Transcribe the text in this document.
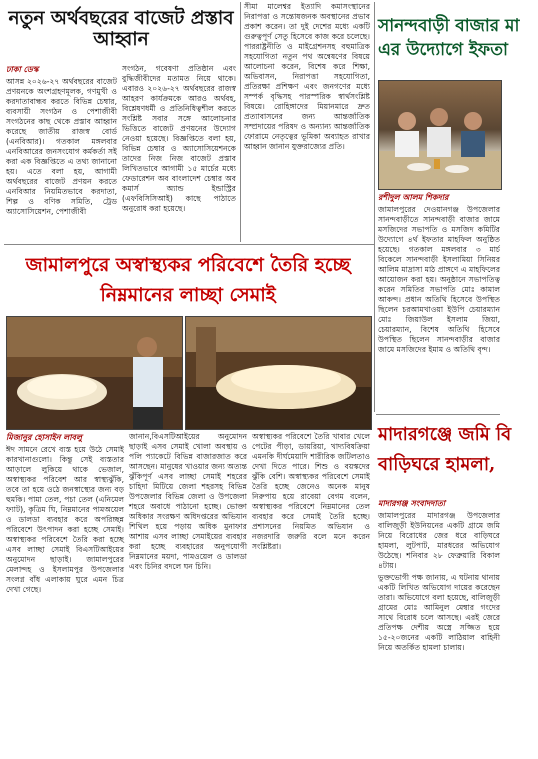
নতুন অর্থবছরের বাজেট প্রস্তাব আহ্বান

ঢাকা ডেস্ক

আসন্ন ২০২৬-২৭ অর্থবছরের বাজেট প্রণয়নকে অংশগ্রহণমূলক, গণমুখী ও করদাতাবান্ধব করতে বিভিন্ন চেম্বার, ব্যবসায়ী সংগঠন ও পেশাজীবী সংগঠনের কাছ থেকে প্রস্তাব আহ্বান করেছে জাতীয় রাজস্ব বোর্ড (এনবিআর)। গতকাল মঙ্গলবার এনবিআরের জনসংযোগ কর্মকর্তা সই করা এক বিজ্ঞপ্তিতে এ তথ্য জানানো হয়। এতে বলা হয়, আগামী অর্থবছরের বাজেট প্রণয়ন করতে এনবিআর নিয়মিতভাবে করদাতা, শিল্প ও বণিক সমিতি, ট্রেড অ্যাসোসিয়েশন, পেশাজীবী

সংগঠন, গবেষণা প্রতিষ্ঠান এবং বুদ্ধিজীবীদের মতামত নিয়ে থাকে। এবারও ২০২৬-২৭ অর্থবছরের রাজস্ব আহরণ কার্যক্রমকে আরও অর্থবহ, বিশ্লেষণধর্মী ও প্রতিনিধিত্বশীল করতে সংশ্লিষ্ট সবার সঙ্গে আলোচনার ভিত্তিতে বাজেট প্রণয়নের উদ্যোগ নেওয়া হয়েছে। বিজ্ঞপ্তিতে বলা হয়, বিভিন্ন চেম্বার ও অ্যাসোসিয়েশনকে তাদের নিজ নিজ বাজেট প্রস্তাব লিখিতভাবে আগামী ১৫ মার্চের মধ্যে ফেডারেশন অব বাংলাদেশ চেম্বার অব কমার্স অ্যান্ড ইন্ডাস্ট্রির (এফবিসিসিআই) কাছে পাঠাতে অনুরোধ করা হয়েছে।

সীমা মালেশ্বর ইত্যাদি কমাসংস্থানের নিরাপত্তা ও সন্তোষজনক অবস্থানের প্রভাব প্রকাশ করেন। তা দুই দেশের মধ্যে একটি গুরুত্বপূর্ণ সেতু হিসেবে কাজ করে চলেছে। পাররাষ্ট্রনীতি ও মাইগ্রেশনসহ বহুমাত্রিক সহযোগিতা নতুন পথ অন্বেষণের বিষয়ে আলোচনা করেন, বিশেষ করে শিক্ষা, অভিবাসন, নিরাপত্তা সহযোগিতা, প্রতিরক্ষা প্রশিক্ষণ এবং জনগণের মধ্যে সম্পর্ক বৃদ্ধিসহ পারস্পরিক স্বার্থসংশ্লিষ্ট বিষয়ে। রোহিঙ্গাদের মিয়ানমারে দ্রুত প্রত্যাবাসনের জন্য আন্তর্জাতিক সম্প্রদায়ের পরিষদ ও অন্যান্য আন্তর্জাতিক ফোরামে নেতৃত্বের ভূমিকা অব্যাহত রাখার আহ্বান জানান যুক্তরাজ্যের প্রতি।

সানন্দবাড়ী বাজার মা এর উদ্যোগে ইফতা

রশীদুল আলম শিকদার

জামালপুরের দেওয়ানগঞ্জ উপজেলার সানন্দবাড়ীতে সানন্দবাড়ী বাজার জামে মসজিদের সভাপতি ও মসজিদ কমিটির উদ্যোগে ৪র্থ ইফতার মাহফিল অনুষ্ঠিত হয়েছে। গতকাল মঙ্গলবার ৩ মার্চ বিকেলে সানন্দবাড়ী ইসলামিয়া সিনিয়র আলিম মাদ্রাসা মাঠ প্রাঙ্গণে এ মাহফিলের আয়োজন করা হয়। অনুষ্ঠানে সভাপতিত্ব করেন সমিতির সভাপতি মোঃ কামাল আকন্দ। প্রধান অতিথি হিসেবে উপস্থিত ছিলেন চরআমখাওয়া ইউপি চেয়ারম্যান মোঃ জিয়াউল ইসলাম জিয়া, চেয়ারম্যান, বিশেষ অতিথি হিসেবে উপস্থিত ছিলেন সানন্দবাড়ীর বাজার জামে মসজিদের ইমাম ও অতিথি বৃন্দ।

জামালপুরে অস্বাস্থ্যকর পরিবেশে তৈরি হচ্ছে নিম্নমানের লাচ্ছা সেমাই

মিজানুর হোসাইন লাবলু

ঈদ সামনে রেখে ব্যস্ত হয়ে উঠে সেমাই কারখানাগুলো। কিন্তু সেই ব্যস্ততার আড়ালে লুকিয়ে থাকে ভেজাল, অস্বাস্থ্যকর পরিবেশ আর স্বাস্থ্যঝুঁকি, তবে তা হয়ে ওঠে জনস্বাস্থ্যের জন্য বড় হুমকি। পামা তেল, পচা তেল (এনিমেল ফ্যাট), কৃত্রিম ঘি, নিম্নমানের পামঅয়েল ও ডালডা ব্যবহার করে অপরিচ্ছন্ন পরিবেশে উৎপাদন করা হচ্ছে সেমাই। অস্বাস্থ্যকর পরিবেশে তৈরি করা হচ্ছে এসব লাচ্ছা সেমাই বিএসটিআইয়ের অনুমোদন ছাড়াই। জামালপুরের মেলান্দহ ও ইসলামপুর উপজেলার সংলগ্ন বাঁধ এলাকায় ঘুরে এমন চিত্র দেখা গেছে।

জানান,বিএসটিআইয়ের অনুমোদন ছাড়াই এসব সেমাই খোলা অবস্থায় ও পলি প্যাকেটে বিভিন্ন বাজারজাত করে আসছেন। মানুষের খাওয়ার জন্য অত্যন্ত ঝুঁকিপূর্ণ এসব লাচ্ছা সেমাই শহরের চাহিদা মিটিয়ে জেলা শহরসহ বিভিন্ন উপজেলার বিভিন্ন জেলা ও উপজেলা শহরে অবাধে পাঠানো হচ্ছে। ভোক্তা অধিকার সংরক্ষণ অধিদপ্তরের অভিযান শিথিল হয়ে পড়ায় অধিক মুনাফার আশায় এসব লাচ্ছা সেমাইয়ের ব্যবহার করা হচ্ছে ব্যবহারের অনুপযোগী নিম্নমানের ময়দা, পামওয়েল ও ডালডা এবং চিনির বদলে ঘন চিনি।

অস্বাস্থ্যকর পরিবেশে তৈরি খাবার খেলে পেটের পীড়া, ডায়রিয়া, খাদ্যবিষক্রিয়া এমনকি দীর্ঘমেয়াদি শারীরিক জটিলতাও দেখা দিতে পারে। শিশু ও বয়স্কদের ঝুঁকি বেশি। অস্বাস্থ্যকর পরিবেশে সেমাই তৈরি হচ্ছে জেনেও অনেক মানুষ নিরুপায় হয়ে রাবেয়া বেগম বলেন, অস্বাস্থ্যকর পরিবেশে নিম্নমানের তেল ব্যবহার করে সেমাই তৈরি হচ্ছে। প্রশাসনের নিয়মিত অভিযান ও নজরদারি জরুরি বলে মনে করেন সংশ্লিষ্টরা।

মাদারগঞ্জে জমি বি বাড়িঘরে হামলা,

মাদারগঞ্জ সংবাদদাতা

জামালপুরের মাদারগঞ্জ উপজেলার বালিজুড়ী ইউনিয়নের একটি গ্রামে জমি নিয়ে বিরোধের জের ধরে বাড়িঘরে হামলা, লুটপাট, মারধরের অভিযোগ উঠেছে। শনিবার ২৮ ফেব্রুয়ারি বিকাল ৪টায়।

ভুক্তভোগী পক্ষ জানায়, এ ঘটনায় থানায় একটি লিখিত অভিযোগ দায়ের করেছেন তারা। অভিযোগে বলা হয়েছে, বালিজুড়ী গ্রামের মোঃ আমিনুল মেম্বার গংদের সাথে বিরোধ চলে আসছে। এরই জেরে প্রতিপক্ষ দেশীয় অস্ত্রে সজ্জিত হয়ে ১৫-২০জনের একটি লাঠিয়াল বাহিনী নিয়ে অতর্কিত হামলা চালায়।
